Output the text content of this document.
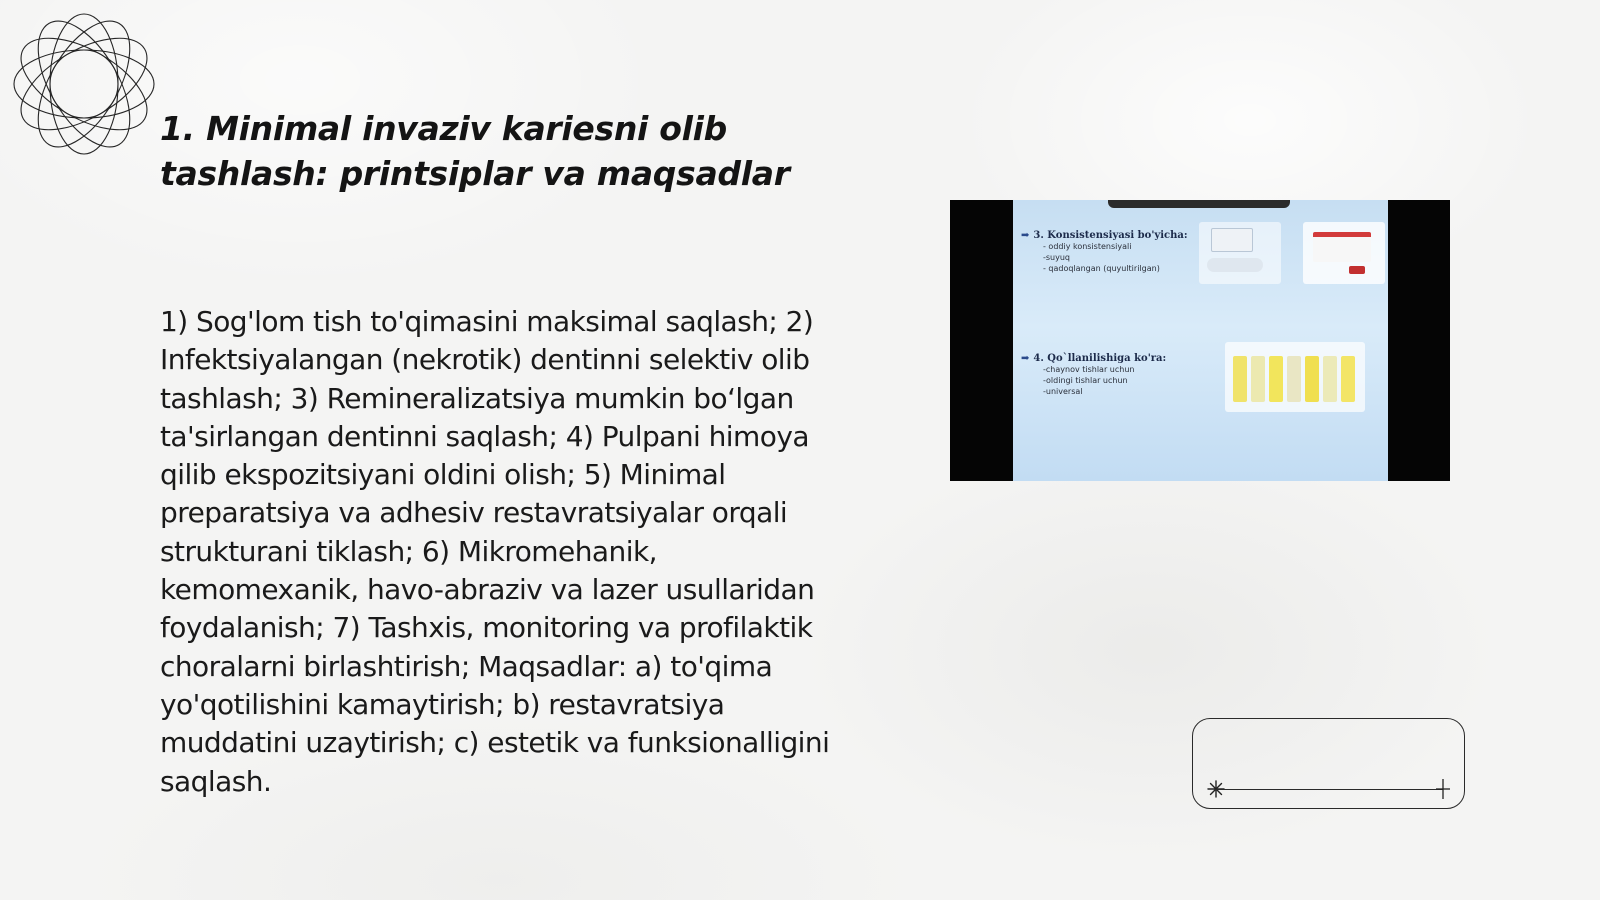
1. Minimal invaziv kariesni olib tashlash: printsiplar va maqsadlar

1) Sog'lom tish to'qimasini maksimal saqlash; 2) Infektsiyalangan (nekrotik) dentinni selektiv olib tashlash; 3) Remineralizatsiya mumkin bo‘lgan ta'sirlangan dentinni saqlash; 4) Pulpani himoya qilib ekspozitsiyani oldini olish; 5) Minimal preparatsiya va adhesiv restavratsiyalar orqali strukturani tiklash; 6) Mikromehanik, kemomexanik, havo-abraziv va lazer usullaridan foydalanish; 7) Tashxis, monitoring va profilaktik choralarni birlashtirish; Maqsadlar: a) to'qima yo'qotilishini kamaytirish; b) restavratsiya muddatini uzaytirish; c) estetik va funksionalligini saqlash.

➡ 3. Konsistensiyasi bo'yicha:
- oddiy konsistensiyali
-suyuq
- qadoqlangan (quyultirilgan)
➡ 4. Qo`llanilishiga ko'ra:
-chaynov tishlar uchun
-oldingi tishlar uchun
-universal
